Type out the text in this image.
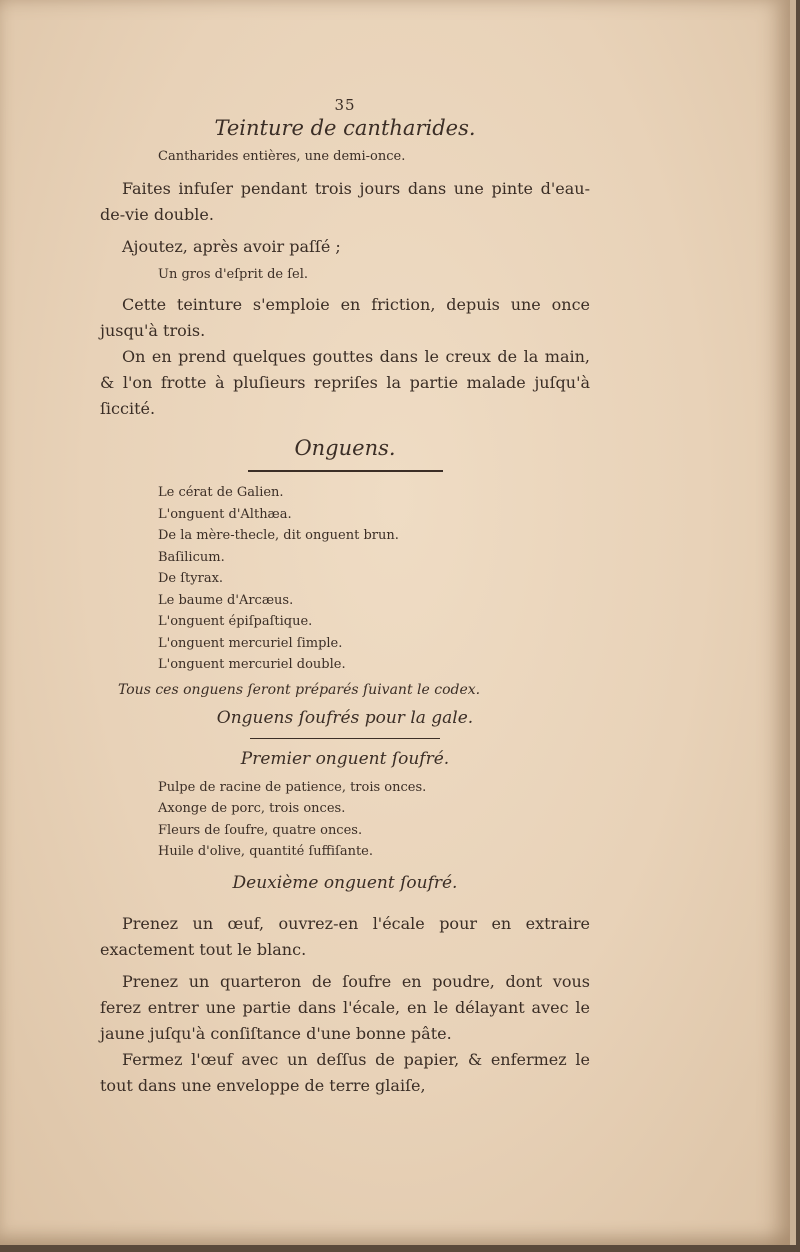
35
Teinture de cantharides.

Cantharides entières, une demi-once.

Faites infuſer pendant trois jours dans une pinte d'eau-de-vie double.

Ajoutez, après avoir paſſé ;

Un gros d'eſprit de ſel.

Cette teinture s'emploie en friction, depuis une once jusqu'à trois.

On en prend quelques gouttes dans le creux de la main, & l'on frotte à pluſieurs repriſes la partie malade juſqu'à ſiccité.

Onguens.
Le cérat de Galien.
L'onguent d'Althæa.
De la mère-thecle, dit onguent brun.
Baſilicum.
De ſtyrax.
Le baume d'Arcæus.
L'onguent épiſpaſtique.
L'onguent mercuriel ſimple.
L'onguent mercuriel double.

Tous ces onguens ſeront préparés ſuivant le codex.

Onguens ſoufrés pour la gale.
Premier onguent ſoufré.
Pulpe de racine de patience, trois onces.
Axonge de porc, trois onces.
Fleurs de ſoufre, quatre onces.
Huile d'olive, quantité ſuffiſante.
Deuxième onguent ſoufré.

Prenez un œuf, ouvrez-en l'écale pour en extraire exactement tout le blanc.

Prenez un quarteron de ſoufre en poudre, dont vous ferez entrer une partie dans l'écale, en le délayant avec le jaune juſqu'à conſiſtance d'une bonne pâte.

Fermez l'œuf avec un deſſus de papier, & enfermez le tout dans une enveloppe de terre glaiſe,
